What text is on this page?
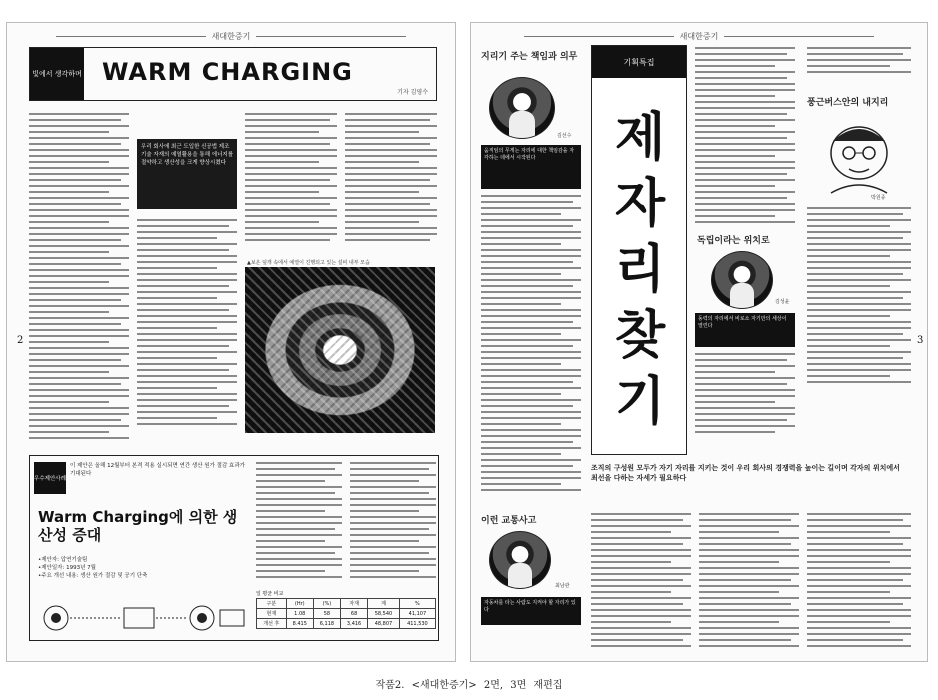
새대한증기
빛에서 생각하며 WARM CHARGING
기자 김영수
우리 회사에 최근 도입한 신공법 제조기술 자재의 예열활용을 통해 에너지를 절약하고 생산성을 크게 향상시켰다
▲보온 덮개 속에서 예열이 진행되고 있는 설비 내부 모습
2
우수제안사례
이 제안은 올해 12월부터 본격 적용 실시되면 연간 생산 원가 절감 효과가 기대된다
Warm Charging에 의한 생산성 증대
•제안자: 압연기술팀
•제안일자: 1993년 7월
•주요 개선 내용: 생산 원가 절감 및 공기 단축
일 평균 비교
구분	(Hr)	(%)	자재	계	%
현재	1.08	58	68	58,540	41,107
개선 후	8.415	6,118	3,416	48,807	411,530
새대한증기
지리기 주는 책임과 의무
김선수
움직임의 무게는 자리에 대한 책임감을 자각하는 데에서 시작된다
이런 교통사고
최남관
자동차를 타는 사람도 지켜야 할 자리가 있다
기획특집
제
자
리
찾
기
독립이라는 위치로
김성윤
동력의 자리에서 비로소 자기만의 세상이 열린다
풍근버스안의 내지리
박원종
3
조직의 구성원 모두가 자기 자리를 지키는 것이 우리 회사의 경쟁력을 높이는 길이며 각자의 위치에서 최선을 다하는 자세가 필요하다
작품2. <새대한증기> 2면, 3면 재편집
